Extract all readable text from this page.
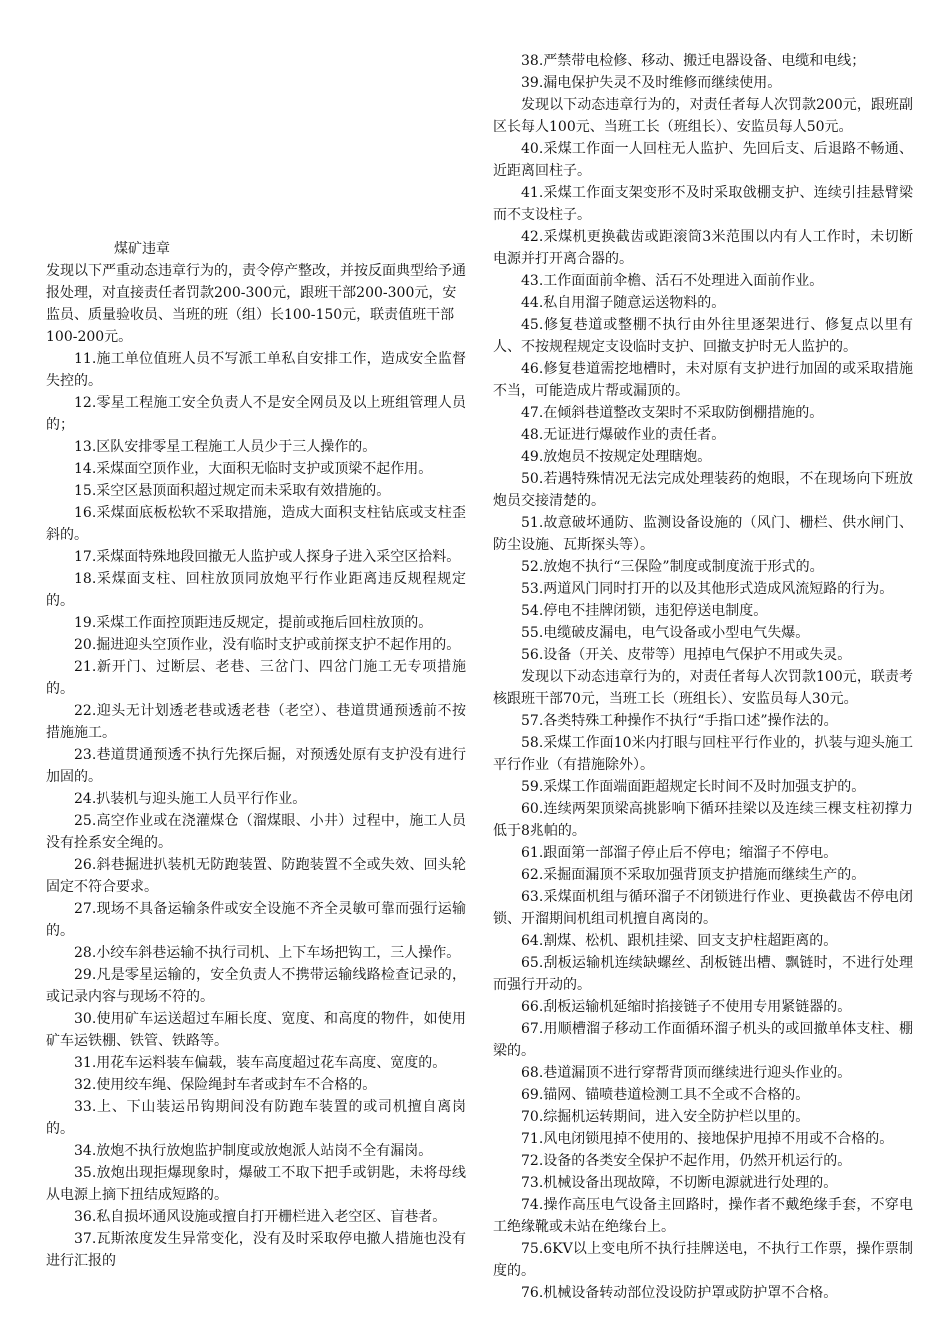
煤矿违章

发现以下严重动态违章行为的，责令停产整改，并按反面典型给予通报处理，对直接责任者罚款200-300元，跟班干部200-300元，安监员、质量验收员、当班的班（组）长100-150元，联责值班干部100-200元。

11.施工单位值班人员不写派工单私自安排工作，造成安全监督失控的。

12.零星工程施工安全负责人不是安全网员及以上班组管理人员的；

13.区队安排零星工程施工人员少于三人操作的。

14.采煤面空顶作业，大面积无临时支护或顶梁不起作用。

15.采空区悬顶面积超过规定而未采取有效措施的。

16.采煤面底板松软不采取措施，造成大面积支柱钻底或支柱歪斜的。

17.采煤面特殊地段回撤无人监护或人探身子进入采空区拾料。

18.采煤面支柱、回柱放顶同放炮平行作业距离违反规程规定的。

19.采煤工作面控顶距违反规定，提前或拖后回柱放顶的。

20.掘进迎头空顶作业，没有临时支护或前探支护不起作用的。

21.新开门、过断层、老巷、三岔门、四岔门施工无专项措施的。

22.迎头无计划透老巷或透老巷（老空）、巷道贯通预透前不按措施施工。

23.巷道贯通预透不执行先探后掘，对预透处原有支护没有进行加固的。

24.扒装机与迎头施工人员平行作业。

25.高空作业或在浇灌煤仓（溜煤眼、小井）过程中，施工人员没有拴系安全绳的。

26.斜巷掘进扒装机无防跑装置、防跑装置不全或失效、回头轮固定不符合要求。

27.现场不具备运输条件或安全设施不齐全灵敏可靠而强行运输的。

28.小绞车斜巷运输不执行司机、上下车场把钩工，三人操作。

29.凡是零星运输的，安全负责人不携带运输线路检查记录的，或记录内容与现场不符的。

30.使用矿车运送超过车厢长度、宽度、和高度的物件，如使用矿车运铁棚、铁管、铁路等。

31.用花车运料装车偏载，装车高度超过花车高度、宽度的。

32.使用绞车绳、保险绳封车者或封车不合格的。

33.上、下山装运吊钩期间没有防跑车装置的或司机擅自离岗的。

34.放炮不执行放炮监护制度或放炮派人站岗不全有漏岗。

35.放炮出现拒爆现象时，爆破工不取下把手或钥匙，未将母线从电源上摘下扭结成短路的。

36.私自损坏通风设施或擅自打开栅栏进入老空区、盲巷者。

37.瓦斯浓度发生异常变化，没有及时采取停电撤人措施也没有进行汇报的

38.严禁带电检修、移动、搬迁电器设备、电缆和电线；

39.漏电保护失灵不及时维修而继续使用。

发现以下动态违章行为的，对责任者每人次罚款200元，跟班副区长每人100元、当班工长（班组长）、安监员每人50元。

40.采煤工作面一人回柱无人监护、先回后支、后退路不畅通、近距离回柱子。

41.采煤工作面支架变形不及时采取戗棚支护、连续引挂悬臂梁而不支设柱子。

42.采煤机更换截齿或距滚筒3米范围以内有人工作时，未切断电源并打开离合器的。

43.工作面面前伞檐、活石不处理进入面前作业。

44.私自用溜子随意运送物料的。

45.修复巷道或整棚不执行由外往里逐架进行、修复点以里有人、不按规程规定支设临时支护、回撤支护时无人监护的。

46.修复巷道需挖地槽时，未对原有支护进行加固的或采取措施不当，可能造成片帮或漏顶的。

47.在倾斜巷道整改支架时不采取防倒棚措施的。

48.无证进行爆破作业的责任者。

49.放炮员不按规定处理瞎炮。

50.若遇特殊情况无法完成处理装药的炮眼，不在现场向下班放炮员交接清楚的。

51.故意破坏通防、监测设备设施的（风门、栅栏、供水闸门、防尘设施、瓦斯探头等）。

52.放炮不执行“三保险”制度或制度流于形式的。

53.两道风门同时打开的以及其他形式造成风流短路的行为。

54.停电不挂牌闭锁，违犯停送电制度。

55.电缆破皮漏电，电气设备或小型电气失爆。

56.设备（开关、皮带等）甩掉电气保护不用或失灵。

发现以下动态违章行为的，对责任者每人次罚款100元，联责考核跟班干部70元，当班工长（班组长）、安监员每人30元。

57.各类特殊工种操作不执行“手指口述”操作法的。

58.采煤工作面10米内打眼与回柱平行作业的，扒装与迎头施工平行作业（有措施除外）。

59.采煤工作面端面距超规定长时间不及时加强支护的。

60.连续两架顶梁高挑影响下循环挂梁以及连续三棵支柱初撑力低于8兆帕的。

61.跟面第一部溜子停止后不停电；缩溜子不停电。

62.采掘面漏顶不采取加强背顶支护措施而继续生产的。

63.采煤面机组与循环溜子不闭锁进行作业、更换截齿不停电闭锁、开溜期间机组司机擅自离岗的。

64.割煤、松机、跟机挂梁、回支支护柱超距离的。

65.刮板运输机连续缺螺丝、刮板链出槽、飘链时，不进行处理而强行开动的。

66.刮板运输机延缩时掐接链子不使用专用紧链器的。

67.用顺槽溜子移动工作面循环溜子机头的或回撤单体支柱、棚梁的。

68.巷道漏顶不进行穿帮背顶而继续进行迎头作业的。

69.锚网、锚喷巷道检测工具不全或不合格的。

70.综掘机运转期间，进入安全防护栏以里的。

71.风电闭锁甩掉不使用的、接地保护甩掉不用或不合格的。

72.设备的各类安全保护不起作用，仍然开机运行的。

73.机械设备出现故障，不切断电源就进行处理的。

74.操作高压电气设备主回路时，操作者不戴绝缘手套，不穿电工绝缘靴或未站在绝缘台上。

75.6KV以上变电所不执行挂牌送电，不执行工作票，操作票制度的。

76.机械设备转动部位没设防护罩或防护罩不合格。
